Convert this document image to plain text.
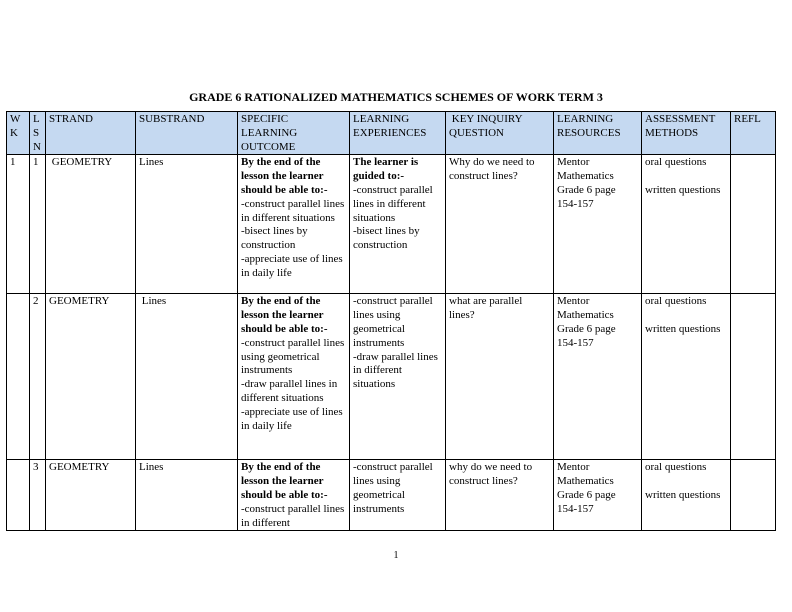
GRADE 6 RATIONALIZED MATHEMATICS SCHEMES OF WORK TERM 3
W K	L S N	STRAND	SUBSTRAND	SPECIFIC LEARNING OUTCOME	LEARNING EXPERIENCES	KEY INQUIRY QUESTION	LEARNING RESOURCES	ASSESSMENT METHODS	REFL
1	1	GEOMETRY	Lines	By the end of the lesson the learner should be able to:-
-construct parallel lines in different situations
-bisect lines by construction
-appreciate use of lines in daily life	The learner is guided to:-
-construct parallel lines in different situations
-bisect lines by construction	Why do we need to construct lines?	Mentor Mathematics Grade 6 page 154-157	oral questions
written questions	

	2	GEOMETRY	Lines	By the end of the lesson the learner should be able to:-
-construct parallel lines using geometrical instruments
-draw parallel lines in different situations
-appreciate use of lines in daily life	-construct parallel lines using geometrical instruments
-draw parallel lines in different situations	what are parallel lines?	Mentor Mathematics Grade 6 page 154-157	oral questions
written questions	

	3	GEOMETRY	Lines	By the end of the lesson the learner should be able to:-
-construct parallel lines in different	-construct parallel lines using geometrical instruments	why do we need to construct lines?	Mentor Mathematics Grade 6 page 154-157	oral questions
written questions	

1
